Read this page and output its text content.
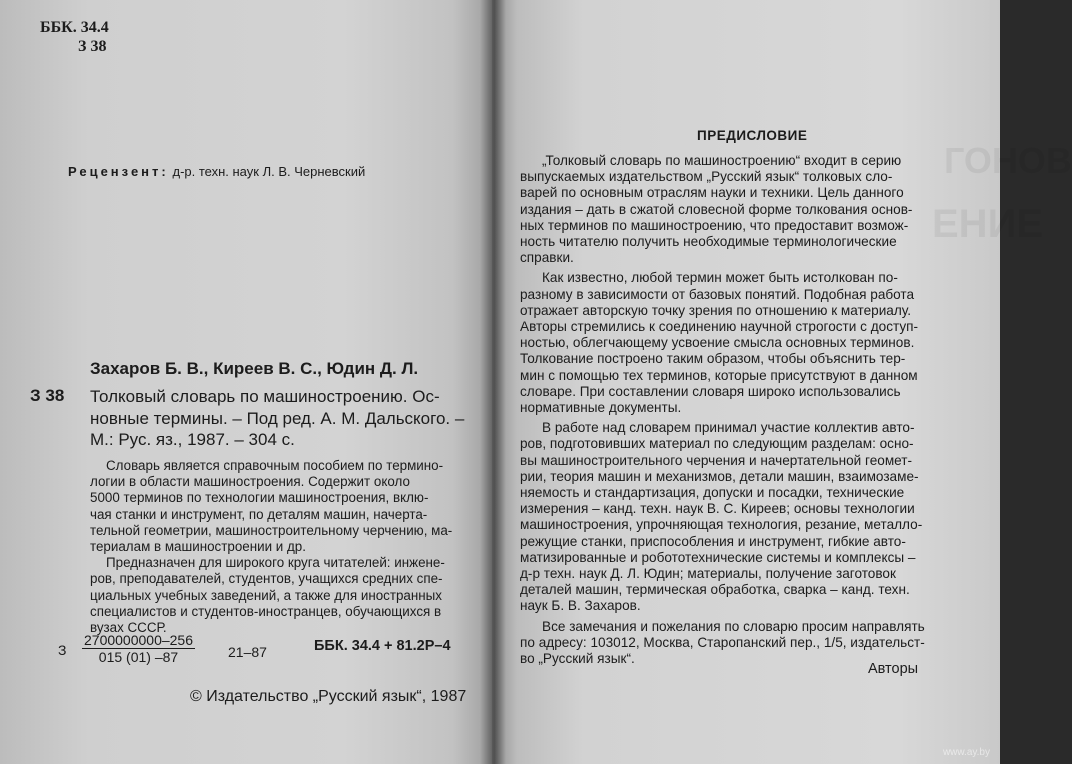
ББК. 34.4
З 38
Рецензент: д-р. техн. наук Л. В. Черневский
Захаров Б. В., Киреев В. С., Юдин Д. Л.
З 38 Толковый словарь по машиностроению. Ос-
новные термины. – Под ред. А. М. Дальского. –
М.: Рус. яз., 1987. – 304 с.
Словарь является справочным пособием по термино-
логии в области машиностроения. Содержит около
5000 терминов по технологии машиностроения, вклю-
чая станки и инструмент, по деталям машин, начерта-
тельной геометрии, машиностроительному черчению, ма-
териалам в машиностроении и др.
Предназначен для широкого круга читателей: инжене-
ров, преподавателей, студентов, учащихся средних спе-
циальных учебных заведений, а также для иностранных
специалистов и студентов-иностранцев, обучающихся в
вузах СССР.
З $\frac{2700000000-256}{015 (01) -87} 21-87$	ББК. 34.4 + 81.2Р–4
© Издательство „Русский язык“, 1987
ГОНОВ
ЕНИЕ
ПРЕДИСЛОВИЕ
„Толковый словарь по машиностроению“ входит в серию
выпускаемых издательством „Русский язык“ толковых сло-
варей по основным отраслям науки и техники. Цель данного
издания – дать в сжатой словесной форме толкования основ-
ных терминов по машиностроению, что предоставит возмож-
ность читателю получить необходимые терминологические
справки.
Как известно, любой термин может быть истолкован по-
разному в зависимости от базовых понятий. Подобная работа
отражает авторскую точку зрения по отношению к материалу.
Авторы стремились к соединению научной строгости с доступ-
ностью, облегчающему усвоение смысла основных терминов.
Толкование построено таким образом, чтобы объяснить тер-
мин с помощью тех терминов, которые присутствуют в данном
словаре. При составлении словаря широко использовались
нормативные документы.
В работе над словарем принимал участие коллектив авто-
ров, подготовивших материал по следующим разделам: осно-
вы машиностроительного черчения и начертательной геомет-
рии, теория машин и механизмов, детали машин, взаимозаме-
няемость и стандартизация, допуски и посадки, технические
измерения – канд. техн. наук В. С. Киреев; основы технологии
машиностроения, упрочняющая технология, резание, металло-
режущие станки, приспособления и инструмент, гибкие авто-
матизированные и робототехнические системы и комплексы –
д-р техн. наук Д. Л. Юдин; материалы, получение заготовок
деталей машин, термическая обработка, сварка – канд. техн.
наук Б. В. Захаров.
Все замечания и пожелания по словарю просим направлять
по адресу: 103012, Москва, Старопанский пер., 1/5, издательст-
во „Русский язык“.
Авторы
www.ay.by
